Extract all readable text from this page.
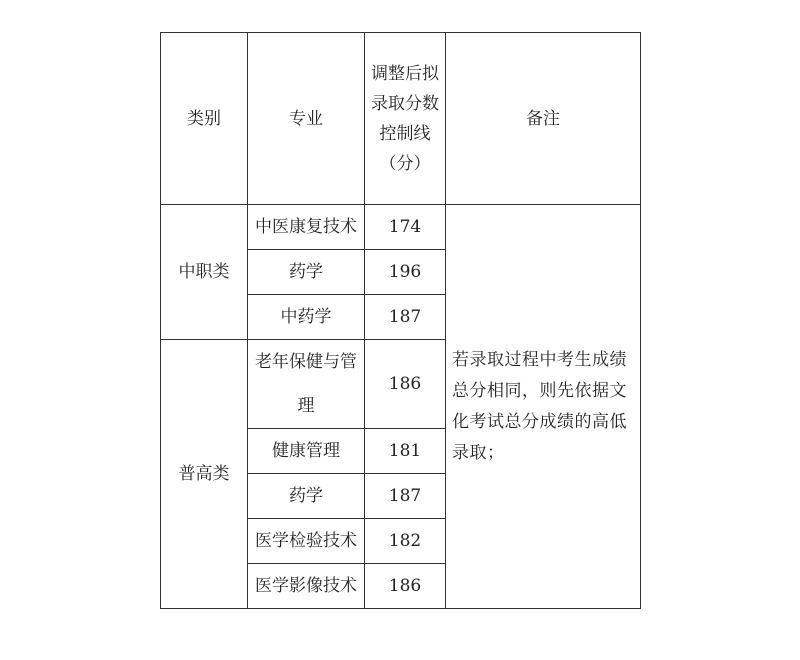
类别	专业	调整后拟
录取分数
控制线
（分）	备注
中职类	中医康复技术	174	若录取过程中考生成绩
总分相同，则先依据文
化考试总分成绩的高低
录取；

	药学	196	
	中药学	187	
普高类	老年保健与管
理	186	
	健康管理	181	
	药学	187	
	医学检验技术	182	
	医学影像技术	186	
